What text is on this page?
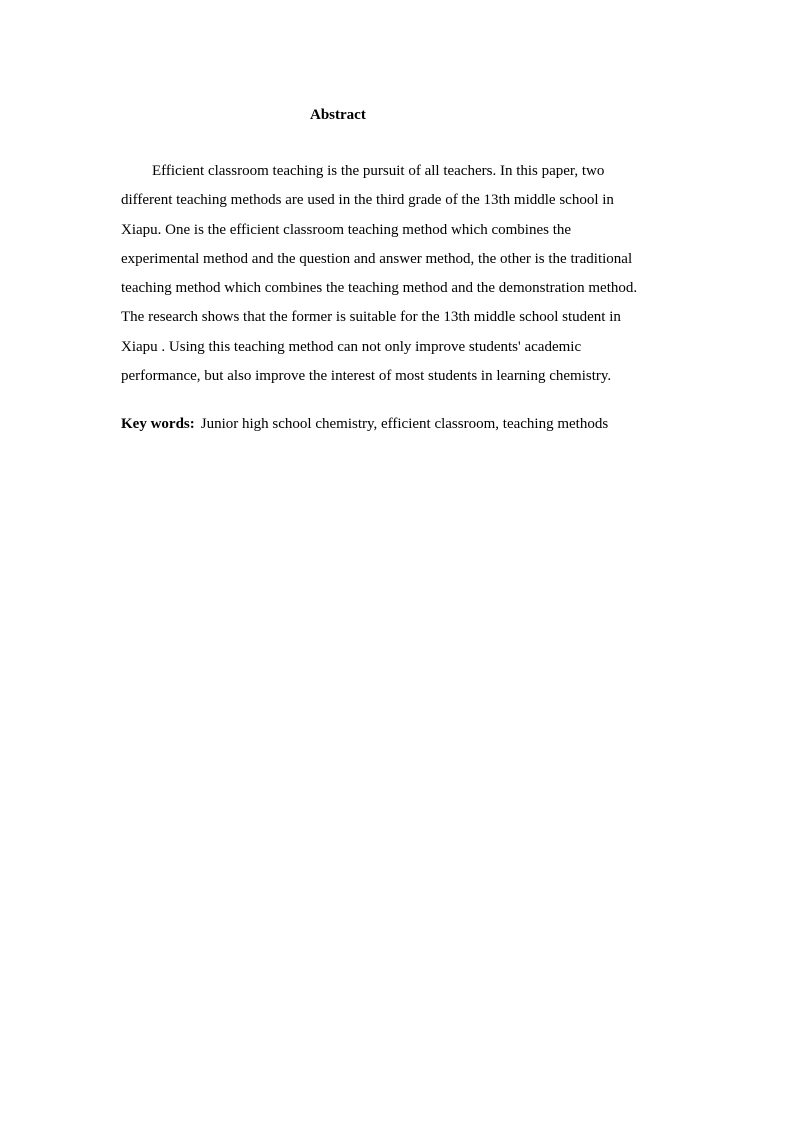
Abstract
Efficient classroom teaching is the pursuit of all teachers. In this paper, two
different teaching methods are used in the third grade of the 13th middle school in
Xiapu. One is the efficient classroom teaching method which combines the
experimental method and the question and answer method, the other is the traditional
teaching method which combines the teaching method and the demonstration method.
The research shows that the former is suitable for the 13th middle school student in
Xiapu . Using this teaching method can not only improve students' academic
performance, but also improve the interest of most students in learning chemistry.
Key words: Junior high school chemistry, efficient classroom, teaching methods
